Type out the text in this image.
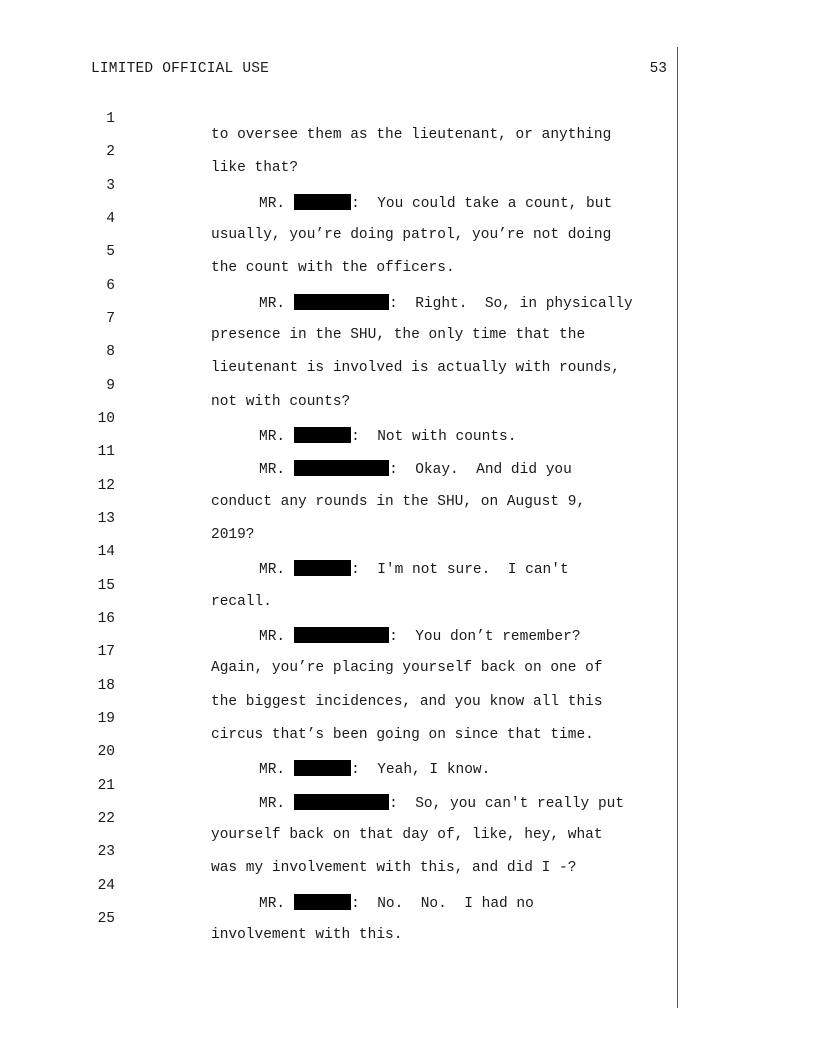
LIMITED OFFICIAL USE	53

1

to oversee them as the lieutenant, or anything

2

like that?

3

MR.	:  You could take a count, but

4

usually, you’re doing patrol, you’re not doing

5

the count with the officers.

6

MR.	:  Right.  So, in physically

7

presence in the SHU, the only time that the

8

lieutenant is involved is actually with rounds,

9

not with counts?

10

MR.	:  Not with counts.

11

MR.	:  Okay.  And did you

12

conduct any rounds in the SHU, on August 9,

13

2019?

14

MR.	:  I'm not sure.  I can't

15

recall.

16

MR.	:  You don’t remember?

17

Again, you’re placing yourself back on one of

18

the biggest incidences, and you know all this

19

circus that’s been going on since that time.

20

MR.	:  Yeah, I know.

21

MR.	:  So, you can't really put

22

yourself back on that day of, like, hey, what

23

was my involvement with this, and did I -?

24

MR.	:  No.  No.  I had no

25

involvement with this.
